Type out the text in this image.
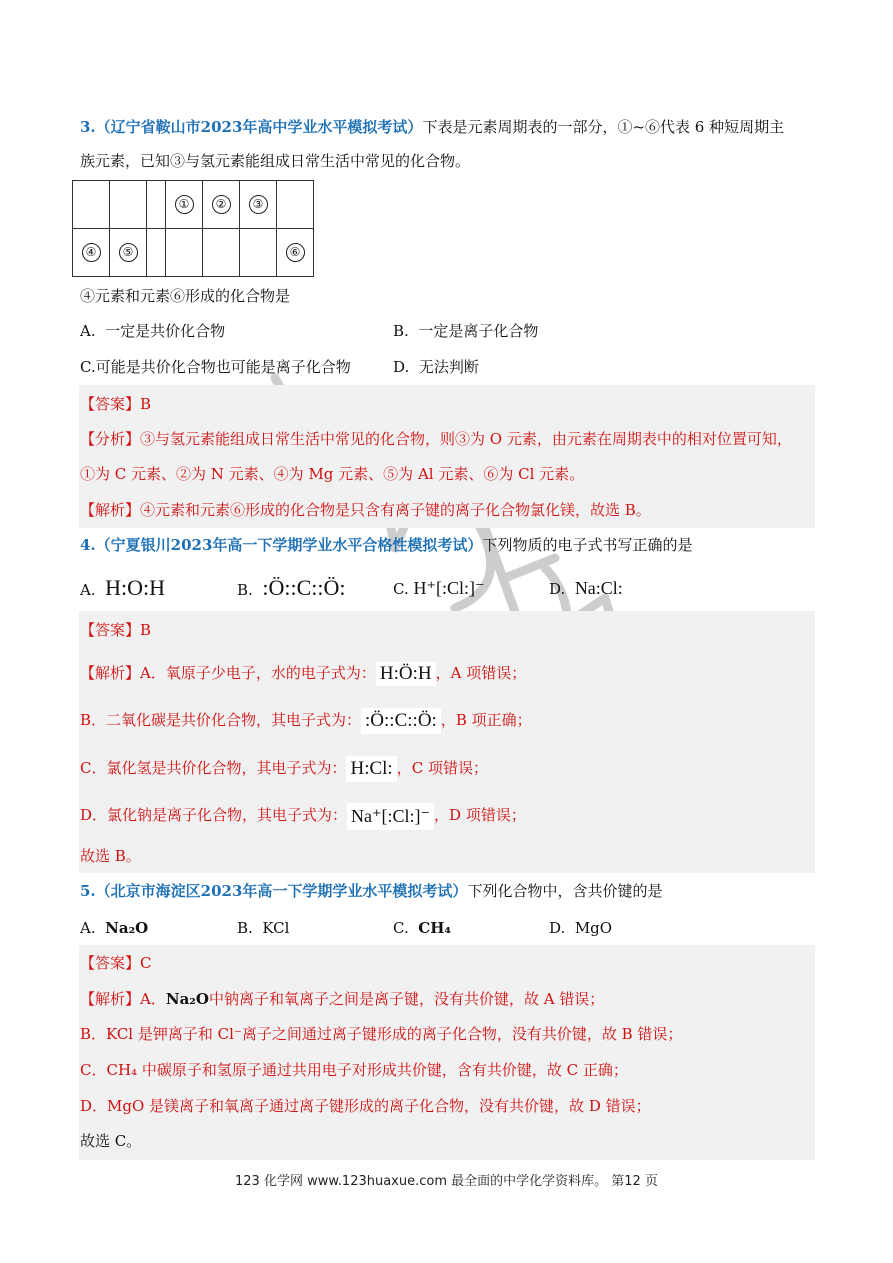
3.（辽宁省鞍山市2023年高中学业水平模拟考试）下表是元素周期表的一部分，①~⑥代表 6 种短周期主
族元素，已知③与氢元素能组成日常生活中常见的化合物。
			①	②	③	
④	⑤					⑥
④元素和元素⑥形成的化合物是
A. 一定是共价化合物	B. 一定是离子化合物
C.可能是共价化合物也可能是离子化合物	D. 无法判断
【答案】B
【分析】③与氢元素能组成日常生活中常见的化合物，则③为 O 元素，由元素在周期表中的相对位置可知，
①为 C 元素、②为 N 元素、④为 Mg 元素、⑤为 Al 元素、⑥为 Cl 元素。
【解析】④元素和元素⑥形成的化合物是只含有离子键的离子化合物氯化镁，故选 B。
4.（宁夏银川2023年高一下学期学业水平合格性模拟考试）下列物质的电子式书写正确的是
A. H:O:H	B. :Ö::C::Ö:	C. H⁺[:Cl:]⁻	D. Na:Cl:
【答案】B
【解析】A．氧原子少电子，水的电子式为： H:Ö:H ，A 项错误；
B．二氧化碳是共价化合物，其电子式为： :Ö::C::Ö: ，B 项正确；
C．氯化氢是共价化合物，其电子式为： H:Cl: ，C 项错误；
D．氯化钠是离子化合物，其电子式为： Na⁺[:Cl:]⁻ ，D 项错误；
故选 B。
5.（北京市海淀区2023年高一下学期学业水平模拟考试）下列化合物中，含共价键的是
A. Na₂O	B. KCl	C. CH₄	D. MgO
【答案】C
【解析】A．Na₂O中钠离子和氧离子之间是离子键，没有共价键，故 A 错误；
B．KCl 是钾离子和 Cl⁻离子之间通过离子键形成的离子化合物，没有共价键，故 B 错误；
C．CH₄ 中碳原子和氢原子通过共用电子对形成共价键，含有共价键，故 C 正确；
D．MgO 是镁离子和氧离子通过离子键形成的离子化合物，没有共价键，故 D 错误；
故选 C。
123 化学网 www.123huaxue.com 最全面的中学化学资料库。 第12 页
